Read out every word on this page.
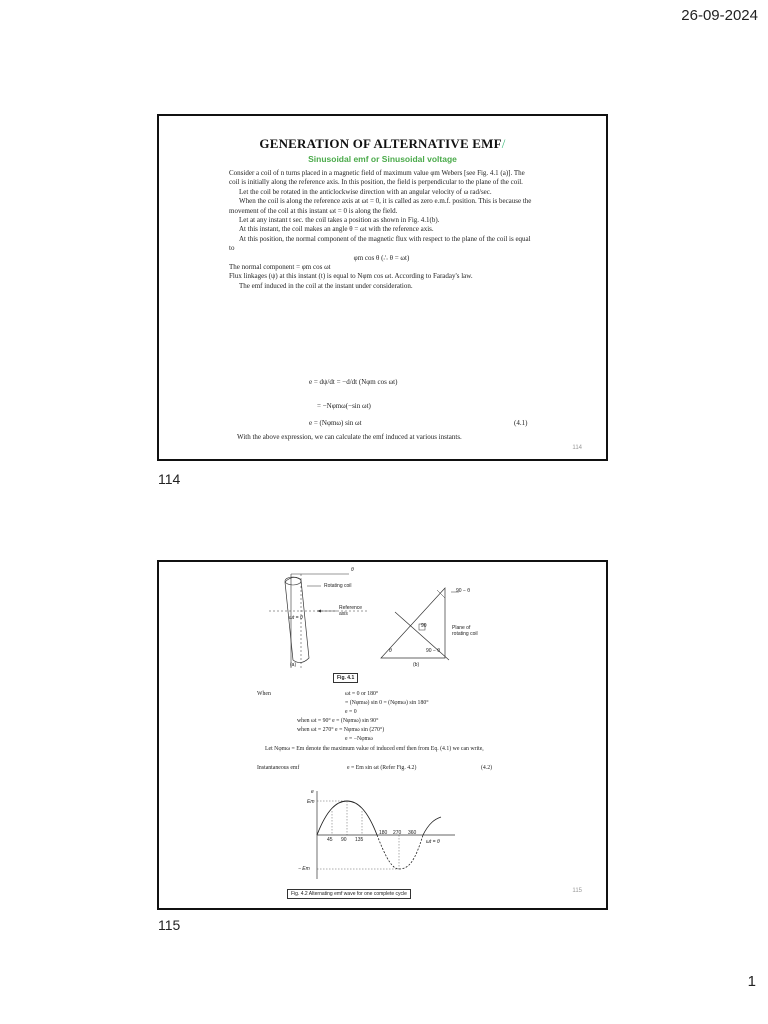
26-09-2024
1
GENERATION OF ALTERNATIVE EMF/
Sinusoidal emf or Sinusoidal voltage

Consider a coil of n turns placed in a magnetic field of maximum value φm Webers [see Fig. 4.1 (a)]. The coil is initially along the reference axis. In this position, the field is perpendicular to the plane of the coil.

Let the coil be rotated in the anticlockwise direction with an angular velocity of ω rad/sec.

When the coil is along the reference axis at ωt = 0, it is called as zero e.m.f. position. This is because the movement of the coil at this instant ωt = 0 is along the field.

Let at any instant t sec. the coil takes a position as shown in Fig. 4.1(b).

At this instant, the coil makes an angle θ = ωt with the reference axis.

At this position, the normal component of the magnetic flux with respect to the plane of the coil is equal to

φm cos θ (∴ θ = ωt)

The normal component = φm cos ωt

Flux linkages (ψ) at this instant (t) is equal to Nφm cos ωt. According to Faraday's law.

The emf induced in the coil at the instant under consideration.

e = dψ/dt = −d/dt (Nφm cos ωt)
= −Nφmω(−sin ωt)
e = (Nφmω) sin ωt	(4.1)
With the above expression, we can calculate the emf induced at various instants.
114
114
θ
Rotating coil
Reference axis
ωt = θ
(a)
90 − θ
90	Plane of rotating coil
θ	90 − θ
(b)
Fig. 4.1
When	ωt = 0 or 180°
= (Nφmω) sin 0 = (Nφmω) sin 180°
e = 0
when ωt = 90° e = (Nφmω) sin 90°
when ωt = 270° e = Nφmω sin (270°)
e = −Nφmω
Let Nφmω = Em denote the maximum value of induced emf then from Eq. (4.1) we can write,
Instantaneous emf	e = Em sin ωt (Refer Fig. 4.2)	(4.2)
e
Em
− Em
45 90 135
180 270 360
ωt = θ
Fig. 4.2 Alternating emf wave for one complete cycle	115
115
